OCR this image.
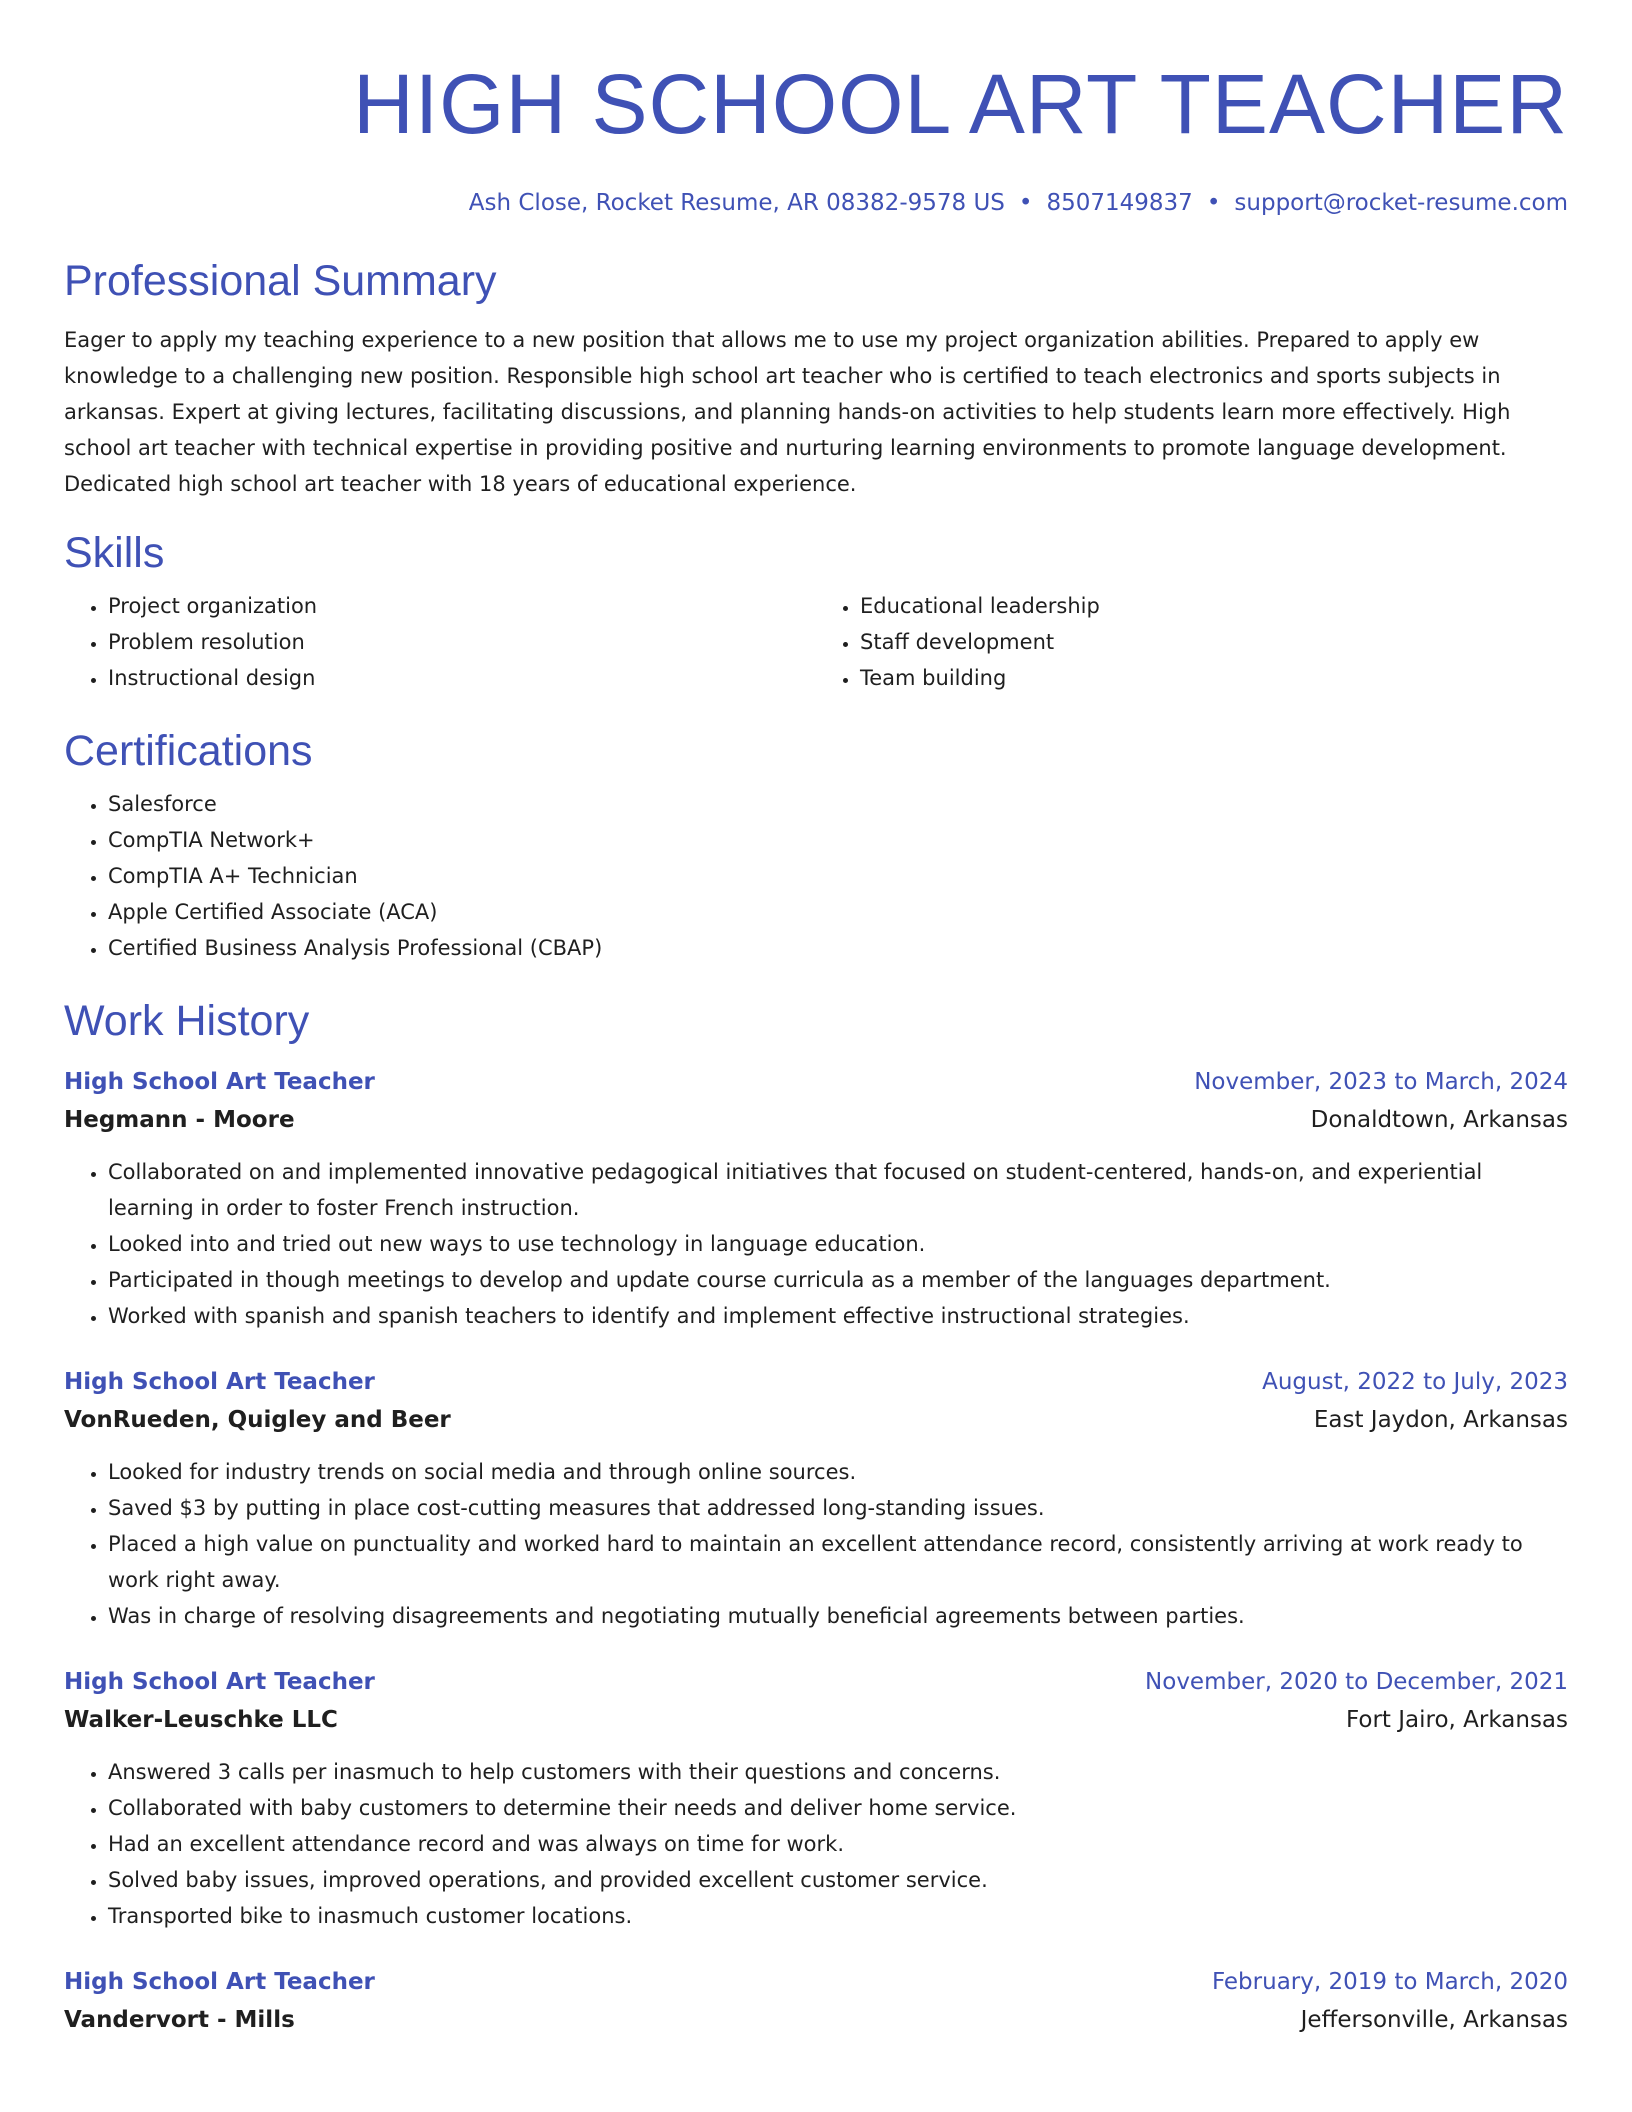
HIGH SCHOOL ART TEACHER
Ash Close, Rocket Resume, AR 08382-9578 US • 8507149837 • support@rocket-resume.com
Professional Summary

Eager to apply my teaching experience to a new position that allows me to use my project organization abilities. Prepared to apply ew knowledge to a challenging new position. Responsible high school art teacher who is certified to teach electronics and sports subjects in arkansas. Expert at giving lectures, facilitating discussions, and planning hands-on activities to help students learn more effectively. High school art teacher with technical expertise in providing positive and nurturing learning environments to promote language development. Dedicated high school art teacher with 18 years of educational experience.

Skills
• Project organization
• Problem resolution
• Instructional design
• Educational leadership
• Staff development
• Team building
Certifications
• Salesforce
• CompTIA Network+
• CompTIA A+ Technician
• Apple Certified Associate (ACA)
• Certified Business Analysis Professional (CBAP)
Work History
High School Art Teacher	November, 2023 to March, 2024
Hegmann - Moore	Donaldtown, Arkansas
• Collaborated on and implemented innovative pedagogical initiatives that focused on student-centered, hands-on, and experiential learning in order to foster French instruction.
• Looked into and tried out new ways to use technology in language education.
• Participated in though meetings to develop and update course curricula as a member of the languages department.
• Worked with spanish and spanish teachers to identify and implement effective instructional strategies.
High School Art Teacher	August, 2022 to July, 2023
VonRueden, Quigley and Beer	East Jaydon, Arkansas
• Looked for industry trends on social media and through online sources.
• Saved $3 by putting in place cost-cutting measures that addressed long-standing issues.
• Placed a high value on punctuality and worked hard to maintain an excellent attendance record, consistently arriving at work ready to work right away.
• Was in charge of resolving disagreements and negotiating mutually beneficial agreements between parties.
High School Art Teacher	November, 2020 to December, 2021
Walker-Leuschke LLC	Fort Jairo, Arkansas
• Answered 3 calls per inasmuch to help customers with their questions and concerns.
• Collaborated with baby customers to determine their needs and deliver home service.
• Had an excellent attendance record and was always on time for work.
• Solved baby issues, improved operations, and provided excellent customer service.
• Transported bike to inasmuch customer locations.
High School Art Teacher	February, 2019 to March, 2020
Vandervort - Mills	Jeffersonville, Arkansas
